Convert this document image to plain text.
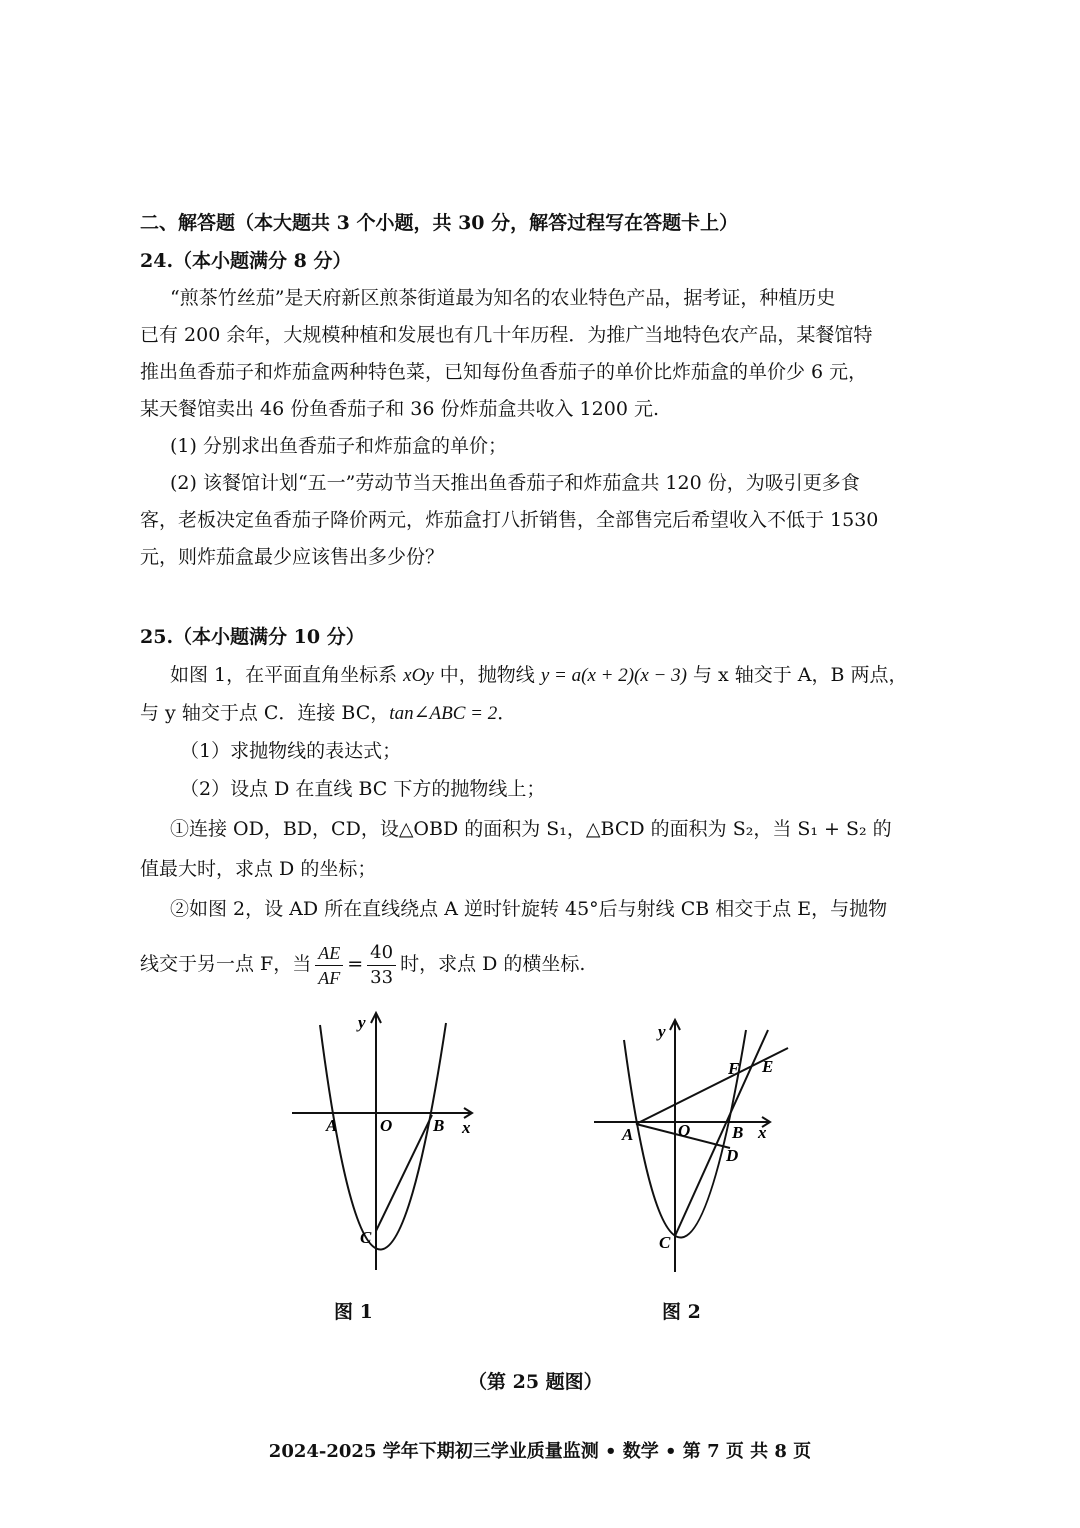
二、解答题（本大题共 3 个小题，共 30 分，解答过程写在答题卡上）
24.（本小题满分 8 分）
“煎茶竹丝茄”是天府新区煎茶街道最为知名的农业特色产品，据考证，种植历史
已有 200 余年，大规模种植和发展也有几十年历程．为推广当地特色农产品，某餐馆特
推出鱼香茄子和炸茄盒两种特色菜，已知每份鱼香茄子的单价比炸茄盒的单价少 6 元，
某天餐馆卖出 46 份鱼香茄子和 36 份炸茄盒共收入 1200 元.
(1) 分别求出鱼香茄子和炸茄盒的单价；
(2) 该餐馆计划“五一”劳动节当天推出鱼香茄子和炸茄盒共 120 份，为吸引更多食
客，老板决定鱼香茄子降价两元，炸茄盒打八折销售，全部售完后希望收入不低于 1530
元，则炸茄盒最少应该售出多少份？
25.（本小题满分 10 分）
如图 1，在平面直角坐标系 xOy 中，抛物线 y = a(x + 2)(x − 3) 与 x 轴交于 A，B 两点，
与 y 轴交于点 C．连接 BC，tan∠ABC = 2．
（1）求抛物线的表达式；
（2）设点 D 在直线 BC 下方的抛物线上；
①连接 OD，BD，CD，设△OBD 的面积为 S₁，△BCD 的面积为 S₂，当 S₁ + S₂ 的
值最大时，求点 D 的坐标；
②如图 2，设 AD 所在直线绕点 A 逆时针旋转 45°后与射线 CB 相交于点 E，与抛物
线交于另一点 F，当 $\frac{AE}{AF} = \frac{40}{33}$ 时，求点 D 的横坐标.
y
x
O
A	B
C
图 1
y
x
O
A	B
C
D
E
F
图 2
（第 25 题图）
2024-2025 学年下期初三学业质量监测 • 数学 • 第 7 页 共 8 页
